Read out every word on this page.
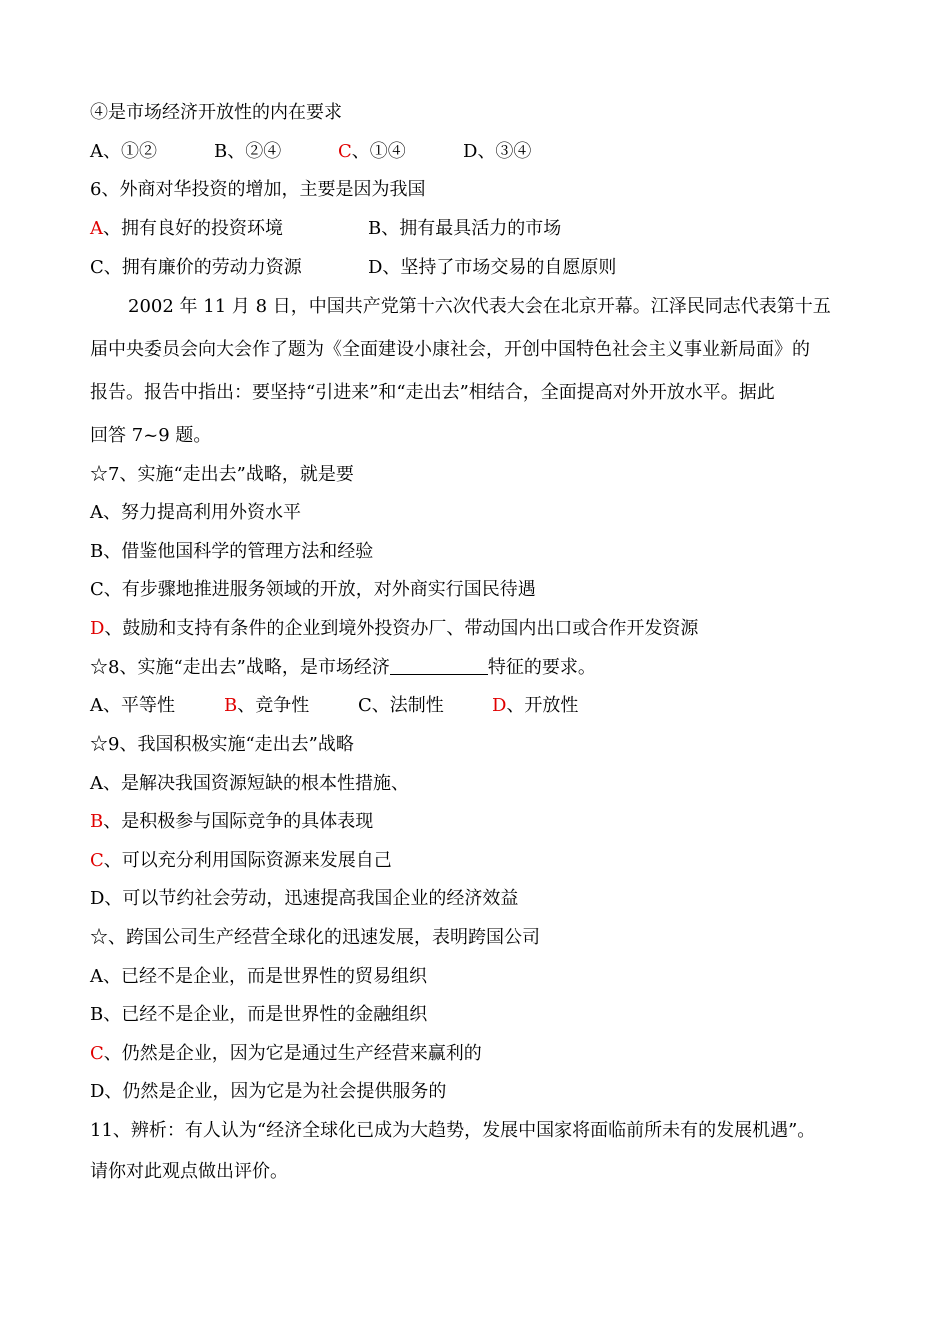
④是市场经济开放性的内在要求
A、①②	B、②④	C、①④	D、③④
6、外商对华投资的增加，主要是因为我国
A、拥有良好的投资环境	B、拥有最具活力的市场
C、拥有廉价的劳动力资源	D、坚持了市场交易的自愿原则
2002 年 11 月 8 日，中国共产党第十六次代表大会在北京开幕。江泽民同志代表第十五
届中央委员会向大会作了题为《全面建设小康社会，开创中国特色社会主义事业新局面》的
报告。报告中指出：要坚持“引进来”和“走出去”相结合，全面提高对外开放水平。据此
回答 7~9 题。
☆7、实施“走出去”战略，就是要
A、努力提高利用外资水平
B、借鉴他国科学的管理方法和经验
C、有步骤地推进服务领域的开放，对外商实行国民待遇
D、鼓励和支持有条件的企业到境外投资办厂、带动国内出口或合作开发资源
☆8、实施“走出去”战略，是市场经济	特征的要求。
A、平等性	B、竞争性	C、法制性	D、开放性
☆9、我国积极实施“走出去”战略
A、是解决我国资源短缺的根本性措施、
B、是积极参与国际竞争的具体表现
C、可以充分利用国际资源来发展自己
D、可以节约社会劳动，迅速提高我国企业的经济效益
☆、跨国公司生产经营全球化的迅速发展，表明跨国公司
A、已经不是企业，而是世界性的贸易组织
B、已经不是企业，而是世界性的金融组织
C、仍然是企业，因为它是通过生产经营来赢利的
D、仍然是企业，因为它是为社会提供服务的
11、辨析：有人认为“经济全球化已成为大趋势，发展中国家将面临前所未有的发展机遇”。
请你对此观点做出评价。
